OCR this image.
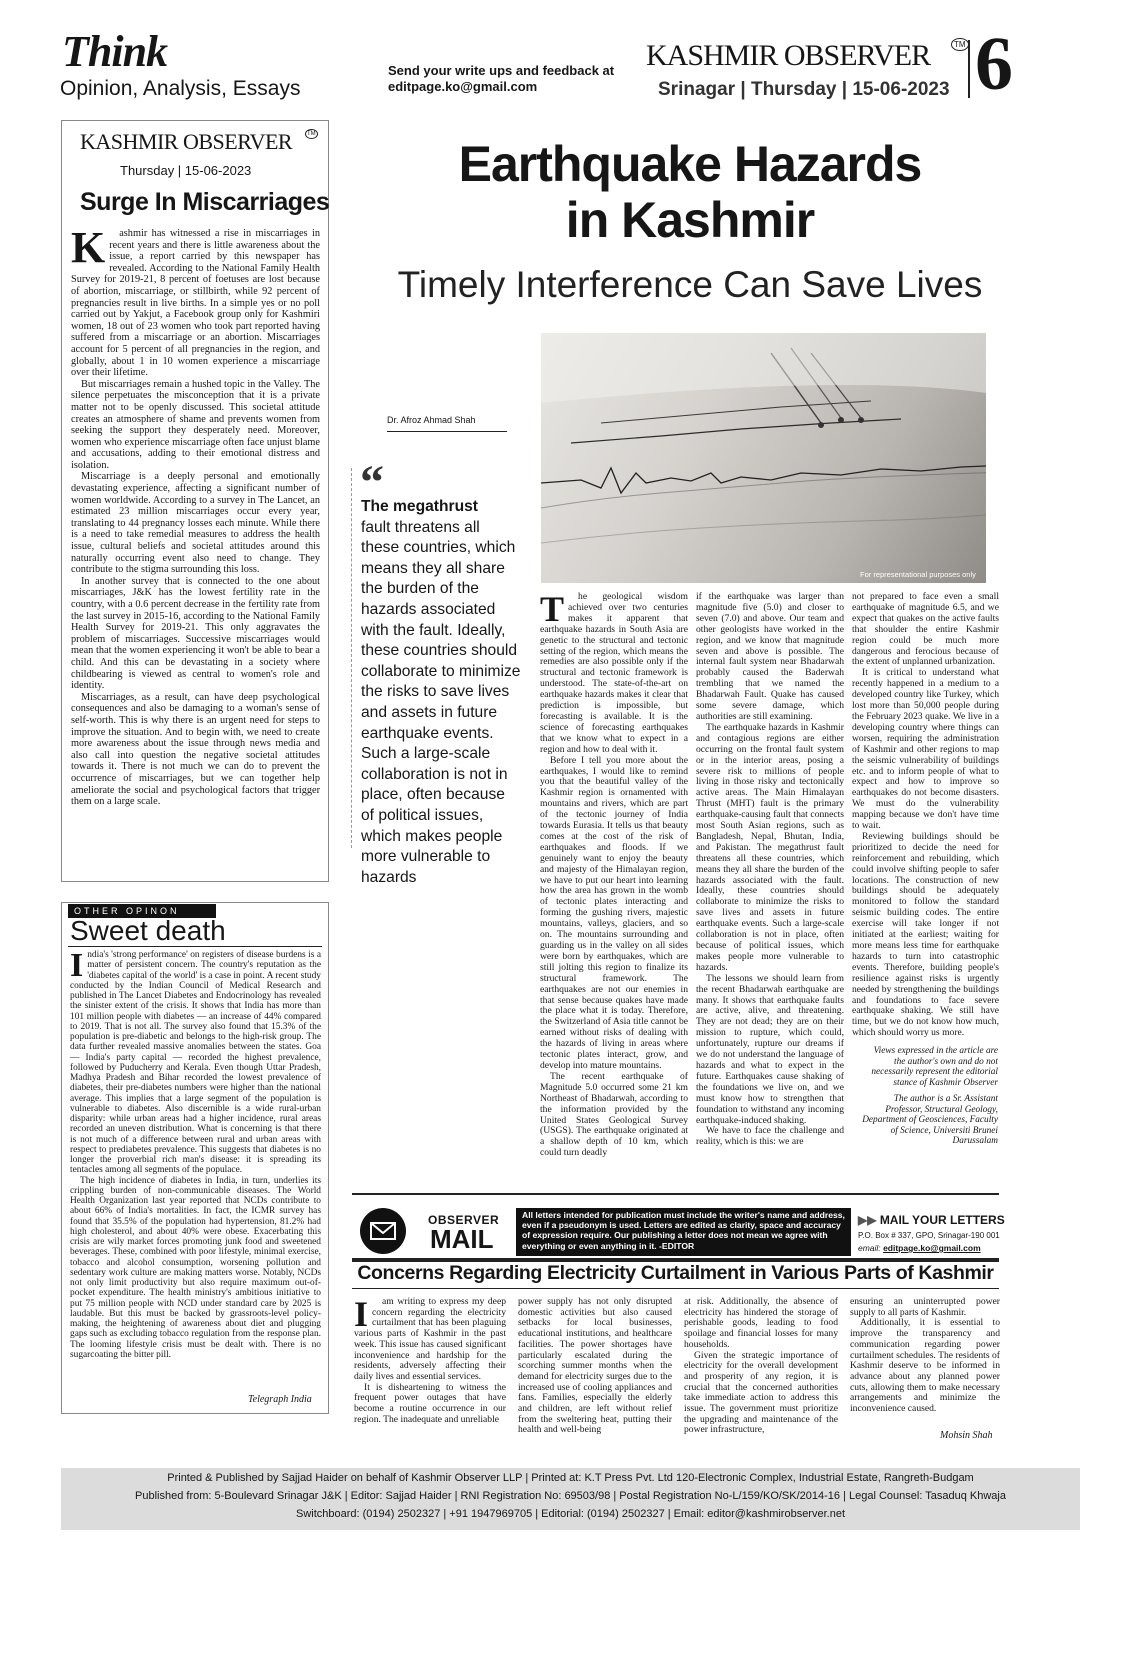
Think
Opinion, Analysis, Essays
Send your write ups and feedback at
editpage.ko@gmail.com
KASHMIR OBSERVER	TM
Srinagar | Thursday | 15-06-2023 6
KASHMIR OBSERVER	TM
Thursday | 15-06-2023
Surge In Miscarriages
K	ashmir has witnessed a rise in miscarriages in recent years and there is little awareness about the issue, a report carried by this newspaper has revealed. According to the National Family Health Survey for 2019-21, 8 percent of foetuses are lost because of abortion, miscarriage, or stillbirth, while 92 percent of pregnancies result in live births. In a simple yes or no poll carried out by Yakjut, a Facebook group only for Kashmiri women, 18 out of 23 women who took part reported having suffered from a miscarriage or an abortion. Miscarriages account for 5 percent of all pregnancies in the region, and globally, about 1 in 10 women experience a miscarriage over their lifetime.

But miscarriages remain a hushed topic in the Valley. The silence perpetuates the misconception that it is a private matter not to be openly discussed. This societal attitude creates an atmosphere of shame and prevents women from seeking the support they desperately need. Moreover, women who experience miscarriage often face unjust blame and accusations, adding to their emotional distress and isolation.

Miscarriage is a deeply personal and emotionally devastating experience, affecting a significant number of women worldwide. According to a survey in The Lancet, an estimated 23 million miscarriages occur every year, translating to 44 pregnancy losses each minute. While there is a need to take remedial measures to address the health issue, cultural beliefs and societal attitudes around this naturally occurring event also need to change. They contribute to the stigma surrounding this loss.

In another survey that is connected to the one about miscarriages, J&K has the lowest fertility rate in the country, with a 0.6 percent decrease in the fertility rate from the last survey in 2015-16, according to the National Family Health Survey for 2019-21. This only aggravates the problem of miscarriages. Successive miscarriages would mean that the women experiencing it won't be able to bear a child. And this can be devastating in a society where childbearing is viewed as central to women's role and identity.

Miscarriages, as a result, can have deep psychological consequences and also be damaging to a woman's sense of self-worth. This is why there is an urgent need for steps to improve the situation. And to begin with, we need to create more awareness about the issue through news media and also call into question the negative societal attitudes towards it. There is not much we can do to prevent the occurrence of miscarriages, but we can together help ameliorate the social and psychological factors that trigger them on a large scale.

OTHER OPINON
Sweet death
I ndia's 'strong performance' on registers of disease burdens is a matter of persistent concern. The country's reputation as the 'diabetes capital of the world' is a case in point. A recent study conducted by the Indian Council of Medical Research and published in The Lancet Diabetes and Endocrinology has revealed the sinister extent of the crisis. It shows that India has more than 101 million people with diabetes — an increase of 44% compared to 2019. That is not all. The survey also found that 15.3% of the population is pre-diabetic and belongs to the high-risk group. The data further revealed massive anomalies between the states. Goa — India's party capital — recorded the highest prevalence, followed by Puducherry and Kerala. Even though Uttar Pradesh, Madhya Pradesh and Bihar recorded the lowest prevalence of diabetes, their pre-diabetes numbers were higher than the national average. This implies that a large segment of the population is vulnerable to diabetes. Also discernible is a wide rural-urban disparity: while urban areas had a higher incidence, rural areas recorded an uneven distribution. What is concerning is that there is not much of a difference between rural and urban areas with respect to prediabetes prevalence. This suggests that diabetes is no longer the proverbial rich man's disease: it is spreading its tentacles among all segments of the populace.

The high incidence of diabetes in India, in turn, underlies its crippling burden of non-communicable diseases. The World Health Organization last year reported that NCDs contribute to about 66% of India's mortalities. In fact, the ICMR survey has found that 35.5% of the population had hypertension, 81.2% had high cholesterol, and about 40% were obese. Exacerbating this crisis are wily market forces promoting junk food and sweetened beverages. These, combined with poor lifestyle, minimal exercise, tobacco and alcohol consumption, worsening pollution and sedentary work culture are making matters worse. Notably, NCDs not only limit productivity but also require maximum out-of-pocket expenditure. The health ministry's ambitious initiative to put 75 million people with NCD under standard care by 2025 is laudable. But this must be backed by grassroots-level policy-making, the heightening of awareness about diet and plugging gaps such as excluding tobacco regulation from the response plan. The looming lifestyle crisis must be dealt with. There is no sugarcoating the bitter pill.

Telegraph India
Earthquake Hazards
in Kashmir
Timely Interference Can Save Lives
Dr. Afroz Ahmad Shah
For representational purposes only
“
The megathrust
fault threatens all these countries, which means they all share the burden of the hazards associated with the fault. Ideally, these countries should collaborate to minimize the risks to save lives and assets in future earthquake events. Such a large-scale collaboration is not in place, often because of political issues, which makes people more vulnerable to hazards
T	he geological wisdom achieved over two centuries makes it apparent that earthquake hazards in South Asia are genetic to the structural and tectonic setting of the region, which means the remedies are also possible only if the structural and tectonic framework is understood. The state-of-the-art on earthquake hazards makes it clear that prediction is impossible, but forecasting is available. It is the science of forecasting earthquakes that we know what to expect in a region and how to deal with it.

Before I tell you more about the earthquakes, I would like to remind you that the beautiful valley of the Kashmir region is ornamented with mountains and rivers, which are part of the tectonic journey of India towards Eurasia. It tells us that beauty comes at the cost of the risk of earthquakes and floods. If we genuinely want to enjoy the beauty and majesty of the Himalayan region, we have to put our heart into learning how the area has grown in the womb of tectonic plates interacting and forming the gushing rivers, majestic mountains, valleys, glaciers, and so on. The mountains surrounding and guarding us in the valley on all sides were born by earthquakes, which are still jolting this region to finalize its structural framework. The earthquakes are not our enemies in that sense because quakes have made the place what it is today. Therefore, the Switzerland of Asia title cannot be earned without risks of dealing with the hazards of living in areas where tectonic plates interact, grow, and develop into mature mountains.

The recent earthquake of Magnitude 5.0 occurred some 21 km Northeast of Bhadarwah, according to the information provided by the United States Geological Survey (USGS). The earthquake originated at a shallow depth of 10 km, which could turn deadly

if the earthquake was larger than magnitude five (5.0) and closer to seven (7.0) and above. Our team and other geologists have worked in the region, and we know that magnitude seven and above is possible. The internal fault system near Bhadarwah probably caused the Baderwah trembling that we named the Bhadarwah Fault. Quake has caused some severe damage, which authorities are still examining.

The earthquake hazards in Kashmir and contagious regions are either occurring on the frontal fault system or in the interior areas, posing a severe risk to millions of people living in those risky and tectonically active areas. The Main Himalayan Thrust (MHT) fault is the primary earthquake-causing fault that connects most South Asian regions, such as Bangladesh, Nepal, Bhutan, India, and Pakistan. The megathrust fault threatens all these countries, which means they all share the burden of the hazards associated with the fault. Ideally, these countries should collaborate to minimize the risks to save lives and assets in future earthquake events. Such a large-scale collaboration is not in place, often because of political issues, which makes people more vulnerable to hazards.

The lessons we should learn from the recent Bhadarwah earthquake are many. It shows that earthquake faults are active, alive, and threatening. They are not dead; they are on their mission to rupture, which could, unfortunately, rupture our dreams if we do not understand the language of hazards and what to expect in the future. Earthquakes cause shaking of the foundations we live on, and we must know how to strengthen that foundation to withstand any incoming earthquake-induced shaking.

We have to face the challenge and reality, which is this: we are

not prepared to face even a small earthquake of magnitude 6.5, and we expect that quakes on the active faults that shoulder the entire Kashmir region could be much more dangerous and ferocious because of the extent of unplanned urbanization.

It is critical to understand what recently happened in a medium to a developed country like Turkey, which lost more than 50,000 people during the February 2023 quake. We live in a developing country where things can worsen, requiring the administration of Kashmir and other regions to map the seismic vulnerability of buildings etc. and to inform people of what to expect and how to improve so earthquakes do not become disasters. We must do the vulnerability mapping because we don't have time to wait.

Reviewing buildings should be prioritized to decide the need for reinforcement and rebuilding, which could involve shifting people to safer locations. The construction of new buildings should be adequately monitored to follow the standard seismic building codes. The entire exercise will take longer if not initiated at the earliest; waiting for more means less time for earthquake hazards to turn into catastrophic events. Therefore, building people's resilience against risks is urgently needed by strengthening the buildings and foundations to face severe earthquake shaking. We still have time, but we do not know how much, which should worry us more.

Views expressed in the article are the author's own and do not necessarily represent the editorial stance of Kashmir Observer
The author is a Sr. Assistant Professor, Structural Geology, Department of Geosciences, Faculty of Science, Universiti Brunei Darussalam
OBSERVER
MAIL
All letters intended for publication must include the writer's name and address, even if a pseudonym is used. Letters are edited as clarity, space and accuracy of expression require. Our publishing a letter does not mean we agree with everything or even anything in it. -EDITOR
▶▶ MAIL YOUR LETTERS
P.O. Box # 337, GPO, Srinagar-190 001
email: editpage.ko@gmail.com
Concerns Regarding Electricity Curtailment in Various Parts of Kashmir
I	am writing to express my deep concern regarding the electricity curtailment that has been plaguing various parts of Kashmir in the past week. This issue has caused significant inconvenience and hardship for the residents, adversely affecting their daily lives and essential services.

It is disheartening to witness the frequent power outages that have become a routine occurrence in our region. The inadequate and unreliable

power supply has not only disrupted domestic activities but also caused setbacks for local businesses, educational institutions, and healthcare facilities. The power shortages have particularly escalated during the scorching summer months when the demand for electricity surges due to the increased use of cooling appliances and fans. Families, especially the elderly and children, are left without relief from the sweltering heat, putting their health and well-being

at risk. Additionally, the absence of electricity has hindered the storage of perishable goods, leading to food spoilage and financial losses for many households.

Given the strategic importance of electricity for the overall development and prosperity of any region, it is crucial that the concerned authorities take immediate action to address this issue. The government must prioritize the upgrading and maintenance of the power infrastructure,

ensuring an uninterrupted power supply to all parts of Kashmir.

Additionally, it is essential to improve the transparency and communication regarding power curtailment schedules. The residents of Kashmir deserve to be informed in advance about any planned power cuts, allowing them to make necessary arrangements and minimize the inconvenience caused.

Mohsin Shah
Printed & Published by Sajjad Haider on behalf of Kashmir Observer LLP | Printed at: K.T Press Pvt. Ltd 120-Electronic Complex, Industrial Estate, Rangreth-Budgam
Published from: 5-Boulevard Srinagar J&K | Editor: Sajjad Haider | RNI Registration No: 69503/98 | Postal Registration No-L/159/KO/SK/2014-16 | Legal Counsel: Tasaduq Khwaja
Switchboard: (0194) 2502327 | +91 1947969705 | Editorial: (0194) 2502327 | Email: editor@kashmirobserver.net
